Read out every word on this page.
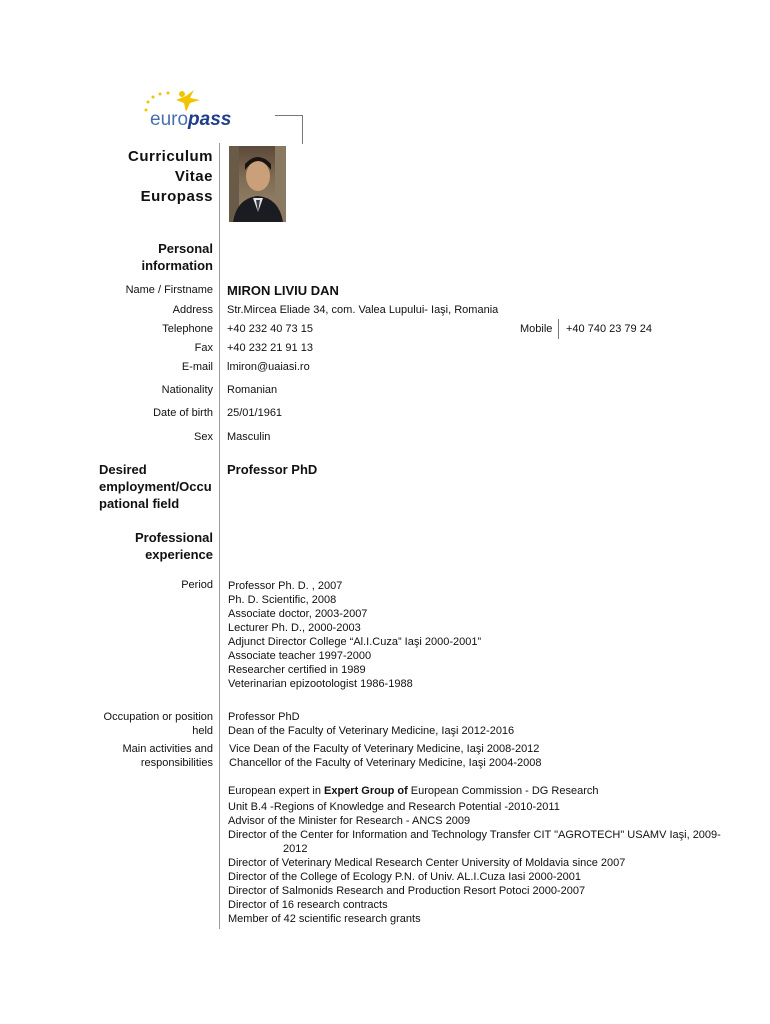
europass
Curriculum
Vitae
Europass
Personal
information
Name / Firstname MIRON LIVIU DAN
Address Str.Mircea Eliade 34, com. Valea Lupului- Iaşi, Romania
Telephone +40 232 40 73 15	Mobile +40 740 23 79 24
Fax +40 232 21 91 13
E-mail lmiron@uaiasi.ro
Nationality Romanian
Date of birth 25/01/1961
Sex Masculin
Desired
employment/Occu
pational field
Professor PhD
Professional
experience
Period Professor Ph. D. , 2007
Ph. D. Scientific, 2008
Associate doctor, 2003-2007
Lecturer Ph. D., 2000-2003
Adjunct Director College “Al.I.Cuza” Iaşi 2000-2001”
Associate teacher 1997-2000
Researcher certified in 1989
Veterinarian epizootologist 1986-1988
Occupation or position
held
Professor PhD
Dean of the Faculty of Veterinary Medicine, Iaşi 2012-2016
Main activities and
responsibilities
Vice Dean of the Faculty of Veterinary Medicine, Iaşi 2008-2012
Chancellor of the Faculty of Veterinary Medicine, Iaşi 2004-2008
European expert in Expert Group of European Commission - DG Research
Unit B.4 -Regions of Knowledge and Research Potential -2010-2011
Advisor of the Minister for Research - ANCS 2009
Director of the Center for Information and Technology Transfer CIT "AGROTECH" USAMV Iaşi, 2009-
2012
Director of Veterinary Medical Research Center University of Moldavia since 2007
Director of the College of Ecology P.N. of Univ. AL.I.Cuza Iasi 2000-2001
Director of Salmonids Research and Production Resort Potoci 2000-2007
Director of 16 research contracts
Member of 42 scientific research grants
